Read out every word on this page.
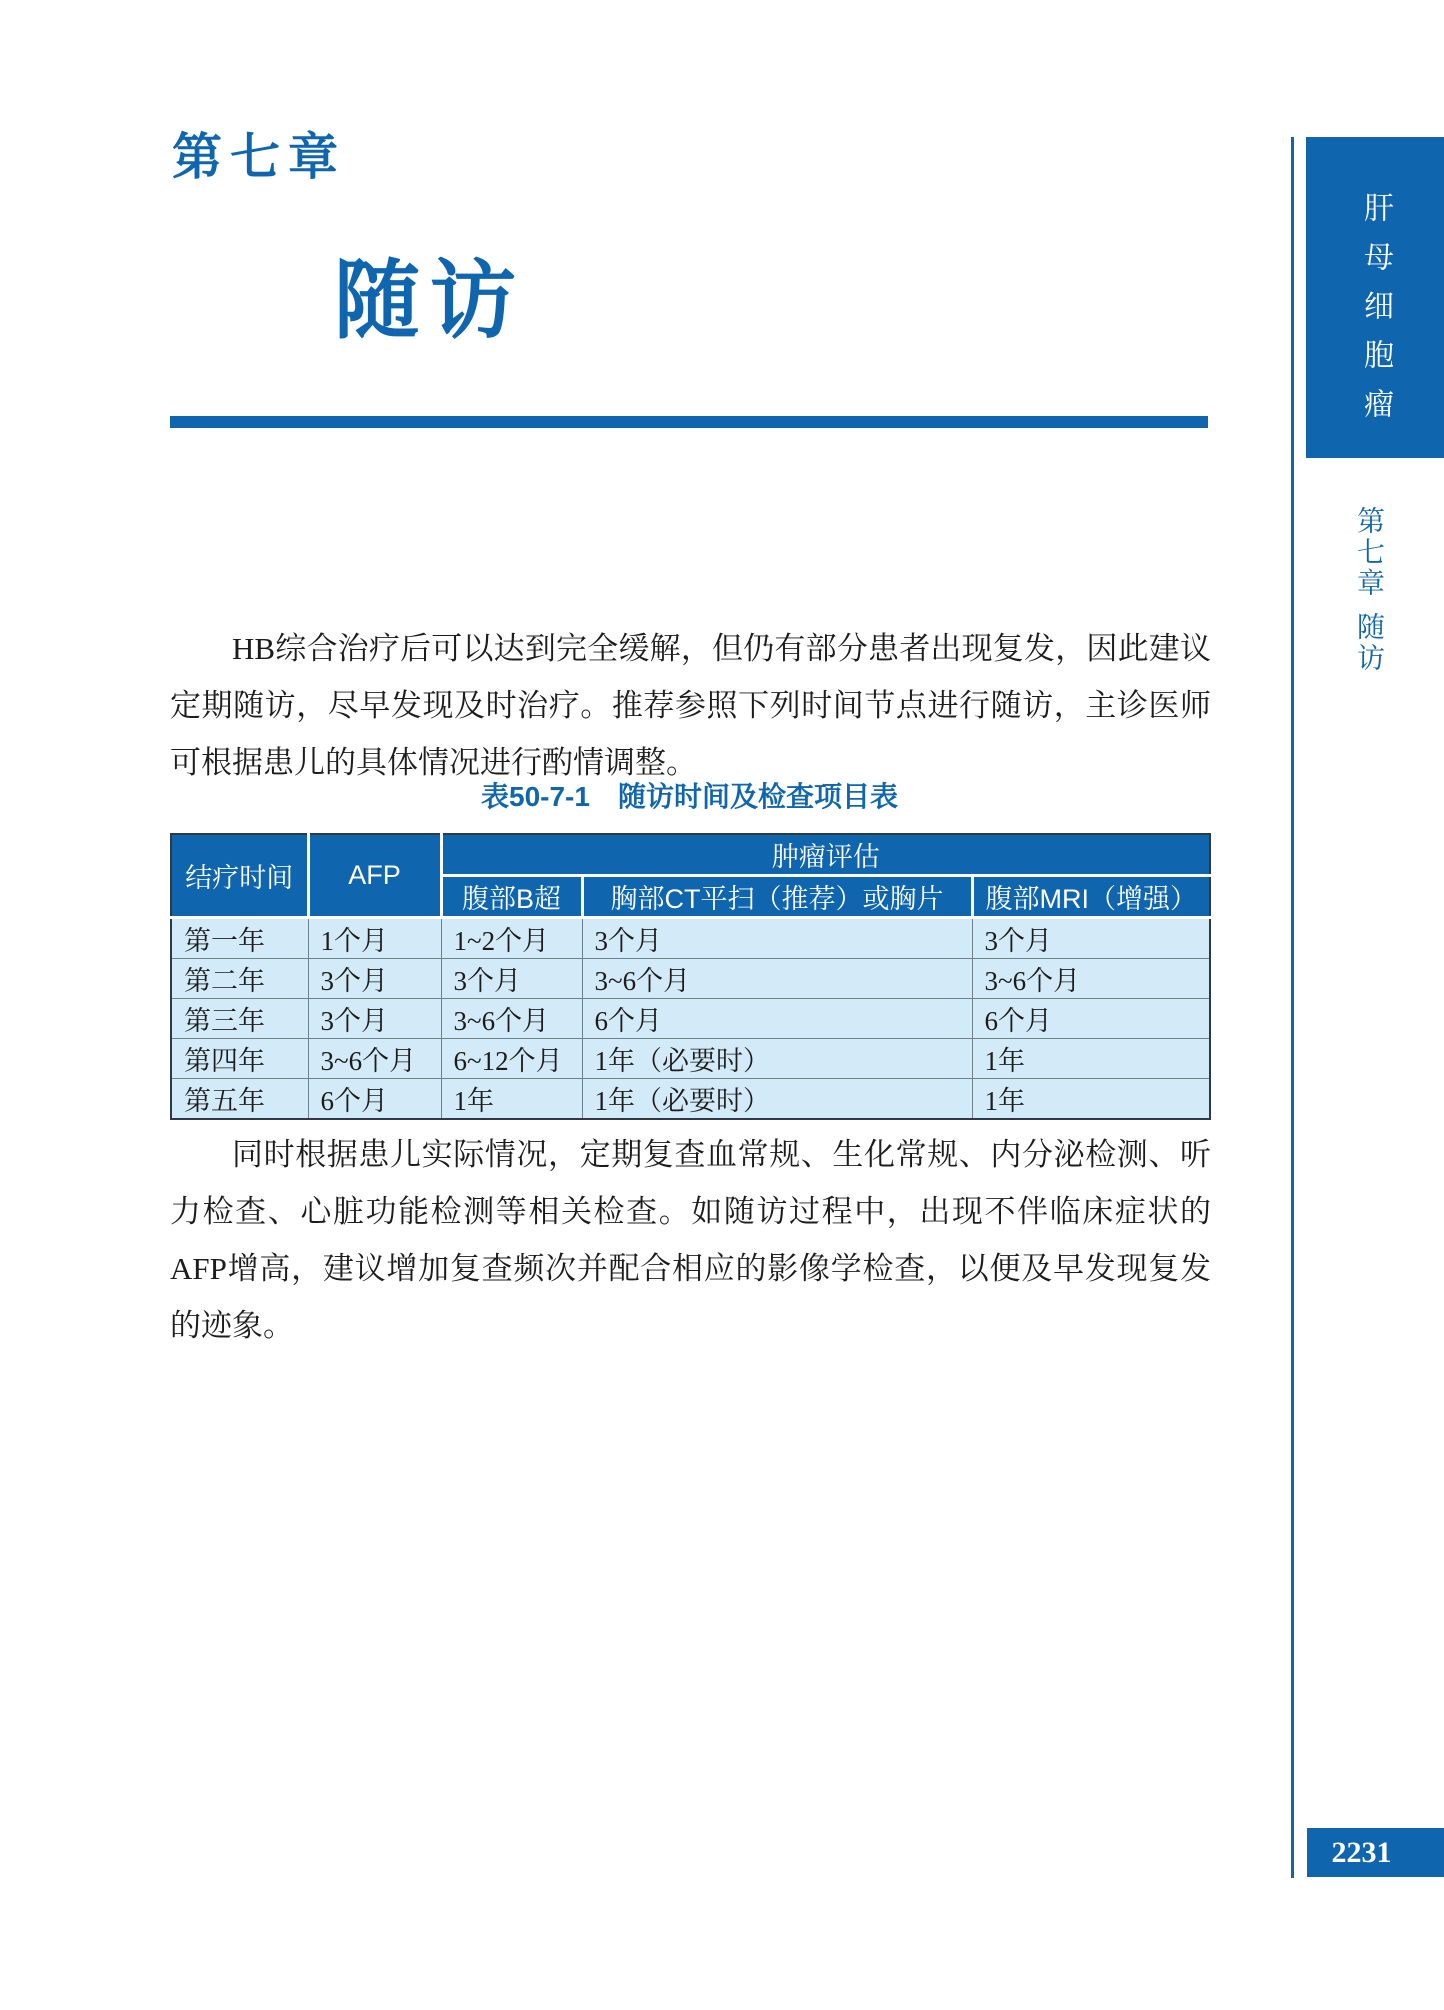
第七章
随访	肝母细胞瘤
第七章
随访

HB综合治疗后可以达到完全缓解，但仍有部分患者出现复发，因此建议定期随访，尽早发现及时治疗。推荐参照下列时间节点进行随访，主诊医师可根据患儿的具体情况进行酌情调整。

表50-7-1　随访时间及检查项目表
结疗时间	AFP	肿瘤评估		
		腹部B超	胸部CT平扫（推荐）或胸片	腹部MRI（增强）
第一年	1个月	1~2个月	3个月	3个月
第二年	3个月	3个月	3~6个月	3~6个月
第三年	3个月	3~6个月	6个月	6个月
第四年	3~6个月	6~12个月	1年（必要时）	1年
第五年	6个月	1年	1年（必要时）	1年

同时根据患儿实际情况，定期复查血常规、生化常规、内分泌检测、听力检查、心脏功能检测等相关检查。如随访过程中，出现不伴临床症状的AFP增高，建议增加复查频次并配合相应的影像学检查，以便及早发现复发的迹象。

2231
